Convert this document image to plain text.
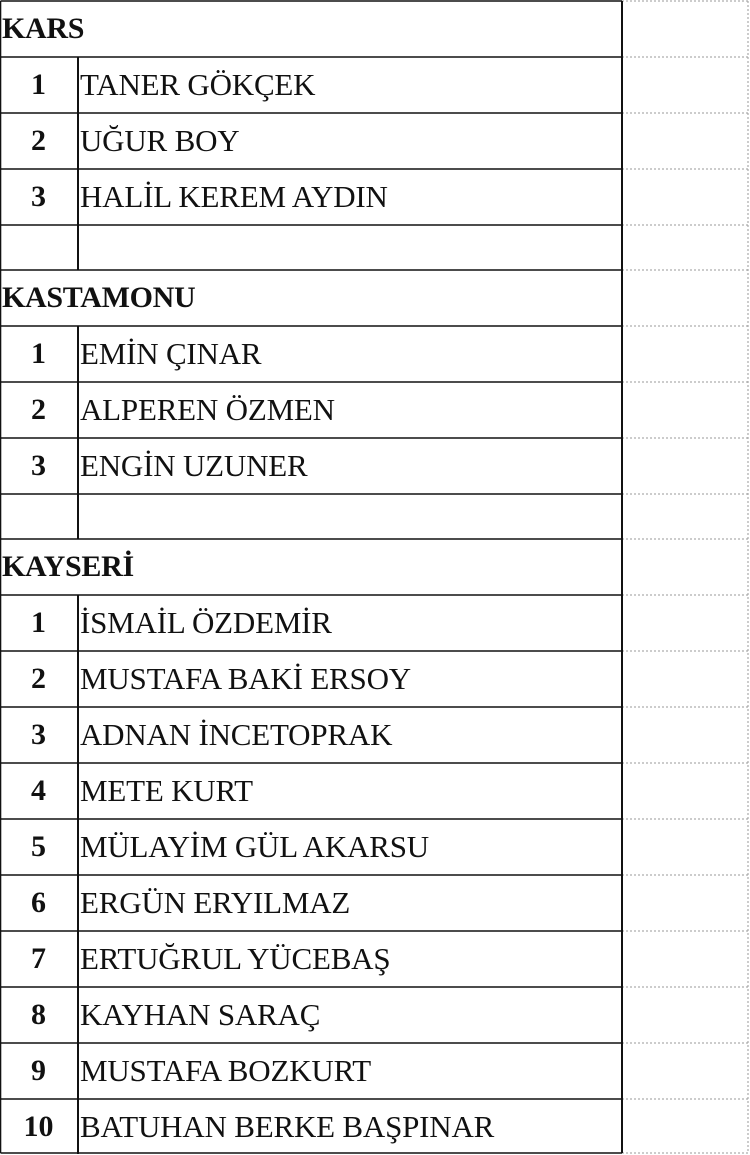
KARS
1	TANER GÖKÇEK
2	UĞUR BOY
3	HALİL KEREM AYDIN
KASTAMONU
1	EMİN ÇINAR
2	ALPEREN ÖZMEN
3	ENGİN UZUNER
KAYSERİ
1	İSMAİL ÖZDEMİR
2	MUSTAFA BAKİ ERSOY
3	ADNAN İNCETOPRAK
4	METE KURT
5	MÜLAYİM GÜL AKARSU
6	ERGÜN ERYILMAZ
7	ERTUĞRUL YÜCEBAŞ
8	KAYHAN SARAÇ
9	MUSTAFA BOZKURT
10 BATUHAN BERKE BAŞPINAR
